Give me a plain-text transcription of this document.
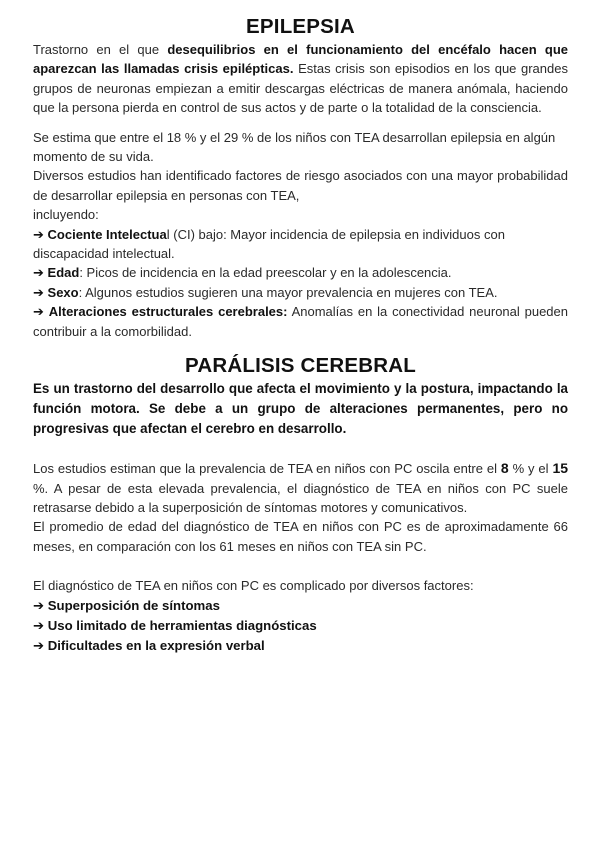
EPILEPSIA

Trastorno en el que desequilibrios en el funcionamiento del encéfalo hacen que aparezcan las llamadas crisis epilépticas. Estas crisis son episodios en los que grandes grupos de neuronas empiezan a emitir descargas eléctricas de manera anómala, haciendo que la persona pierda en control de sus actos y de parte o la totalidad de la consciencia.

Se estima que entre el 18 % y el 29 % de los niños con TEA desarrollan epilepsia en algún momento de su vida.

Diversos estudios han identificado factores de riesgo asociados con una mayor probabilidad de desarrollar epilepsia en personas con TEA,

incluyendo:

➔ Cociente Intelectual (CI) bajo: Mayor incidencia de epilepsia en individuos con discapacidad intelectual.

➔ Edad: Picos de incidencia en la edad preescolar y en la adolescencia.

➔ Sexo: Algunos estudios sugieren una mayor prevalencia en mujeres con TEA.

➔ Alteraciones estructurales cerebrales: Anomalías en la conectividad neuronal pueden contribuir a la comorbilidad.

PARÁLISIS CEREBRAL

Es un trastorno del desarrollo que afecta el movimiento y la postura, impactando la función motora. Se debe a un grupo de alteraciones permanentes, pero no progresivas que afectan el cerebro en desarrollo.

Los estudios estiman que la prevalencia de TEA en niños con PC oscila entre el 8 % y el 15 %. A pesar de esta elevada prevalencia, el diagnóstico de TEA en niños con PC suele retrasarse debido a la superposición de síntomas motores y comunicativos.

El promedio de edad del diagnóstico de TEA en niños con PC es de aproximadamente 66 meses, en comparación con los 61 meses en niños con TEA sin PC.

El diagnóstico de TEA en niños con PC es complicado por diversos factores:

➔ Superposición de síntomas

➔ Uso limitado de herramientas diagnósticas

➔ Dificultades en la expresión verbal
